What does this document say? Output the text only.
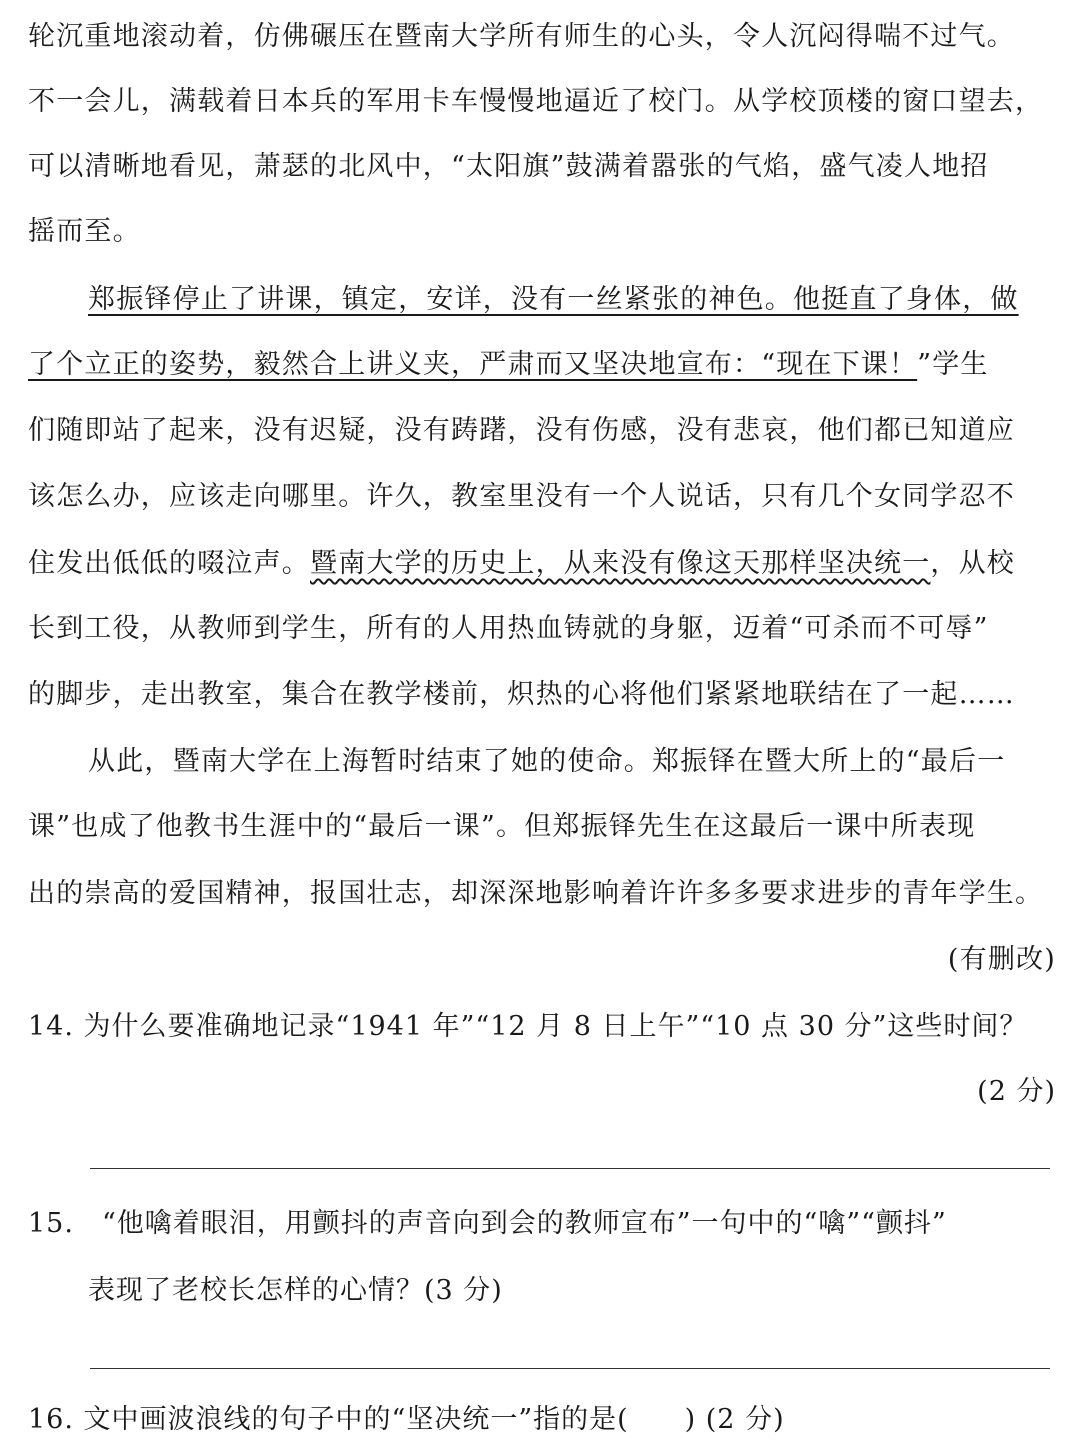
轮沉重地滚动着，仿佛碾压在暨南大学所有师生的心头，令人沉闷得喘不过气。
不一会儿，满载着日本兵的军用卡车慢慢地逼近了校门。从学校顶楼的窗口望去，
可以清晰地看见，萧瑟的北风中，“太阳旗”鼓满着嚣张的气焰，盛气凌人地招
摇而至。
郑振铎停止了讲课，镇定，安详，没有一丝紧张的神色。他挺直了身体，做
了个立正的姿势，毅然合上讲义夹，严肃而又坚决地宣布：“现在下课！”学生
们随即站了起来，没有迟疑，没有踌躇，没有伤感，没有悲哀，他们都已知道应
该怎么办，应该走向哪里。许久，教室里没有一个人说话，只有几个女同学忍不
住发出低低的啜泣声。暨南大学的历史上，从来没有像这天那样坚决统一，从校
长到工役，从教师到学生，所有的人用热血铸就的身躯，迈着“可杀而不可辱”
的脚步，走出教室，集合在教学楼前，炽热的心将他们紧紧地联结在了一起……
从此，暨南大学在上海暂时结束了她的使命。郑振铎在暨大所上的“最后一
课”也成了他教书生涯中的“最后一课”。但郑振铎先生在这最后一课中所表现
出的崇高的爱国精神，报国壮志，却深深地影响着许许多多要求进步的青年学生。
(有删改)
14. 为什么要准确地记录“1941 年”“12 月 8 日上午”“10 点 30 分”这些时间？
(2 分)
15.　“他噙着眼泪，用颤抖的声音向到会的教师宣布”一句中的“噙”“颤抖”
表现了老校长怎样的心情？(3 分)
16. 文中画波浪线的句子中的“坚决统一”指的是(　　) (2 分)
